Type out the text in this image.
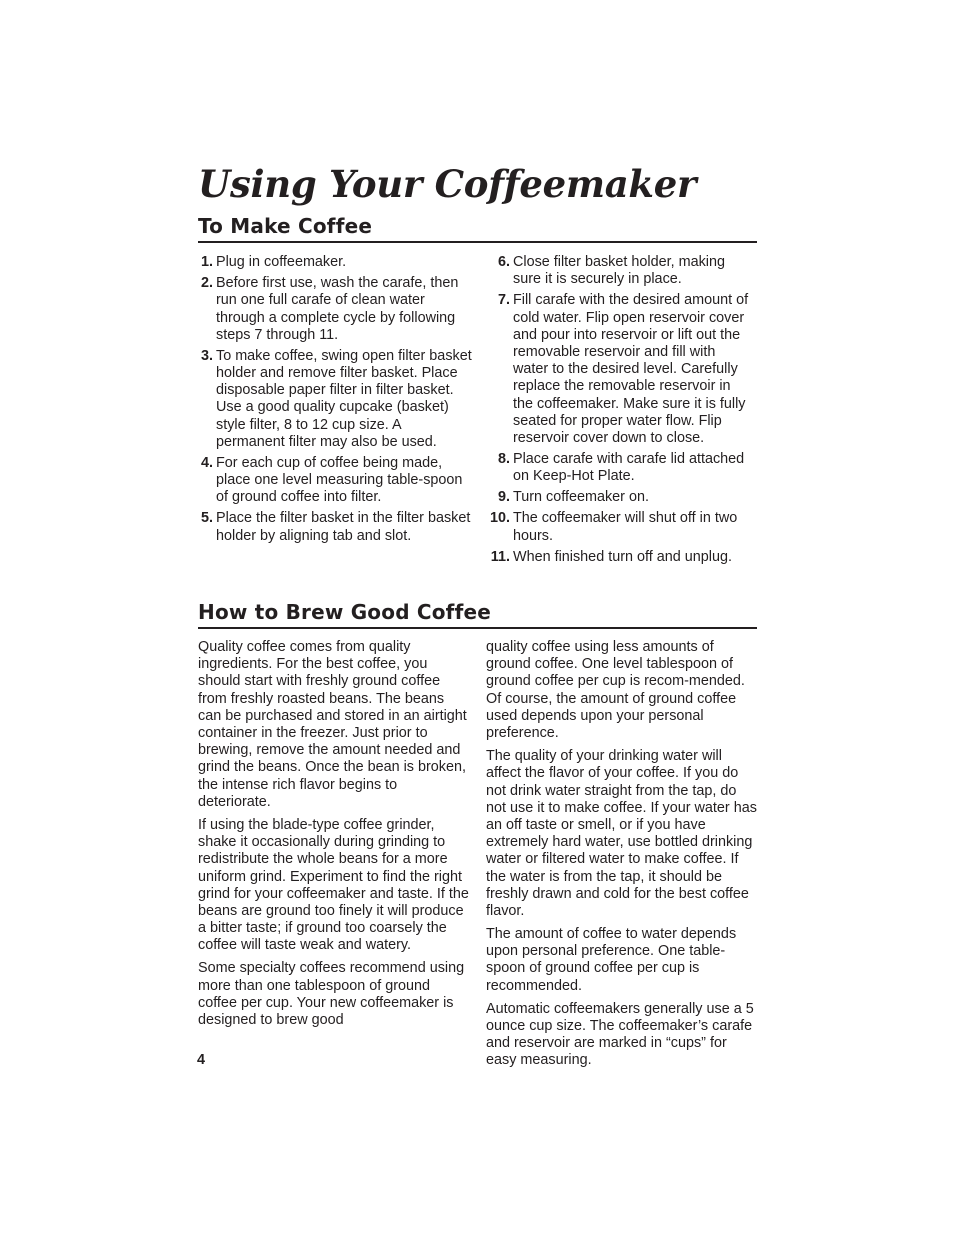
Using Your Coffeemaker
To Make Coffee
1. Plug in coffeemaker.
2. Before first use, wash the carafe, then run one full carafe of clean water through a complete cycle by following steps 7 through 11.
3. To make coffee, swing open filter basket holder and remove filter basket. Place disposable paper filter in filter basket. Use a good quality cupcake (basket) style filter, 8 to 12 cup size. A permanent filter may also be used.
4. For each cup of coffee being made, place one level measuring table-spoon of ground coffee into filter.
5. Place the filter basket in the filter basket holder by aligning tab and slot.
6. Close filter basket holder, making sure it is securely in place.
7. Fill carafe with the desired amount of cold water. Flip open reservoir cover and pour into reservoir or lift out the removable reservoir and fill with water to the desired level. Carefully replace the removable reservoir in the coffeemaker. Make sure it is fully seated for proper water flow. Flip reservoir cover down to close.
8. Place carafe with carafe lid attached on Keep-Hot Plate.
9. Turn coffeemaker on.
10. The coffeemaker will shut off in two hours.
11. When finished turn off and unplug.
How to Brew Good Coffee

Quality coffee comes from quality ingredients. For the best coffee, you should start with freshly ground coffee from freshly roasted beans. The beans can be purchased and stored in an airtight container in the freezer. Just prior to brewing, remove the amount needed and grind the beans. Once the bean is broken, the intense rich flavor begins to deteriorate.

If using the blade-type coffee grinder, shake it occasionally during grinding to redistribute the whole beans for a more uniform grind. Experiment to find the right grind for your coffeemaker and taste. If the beans are ground too finely it will produce a bitter taste; if ground too coarsely the coffee will taste weak and watery.

Some specialty coffees recommend using more than one tablespoon of ground coffee per cup. Your new coffeemaker is designed to brew good

quality coffee using less amounts of ground coffee. One level tablespoon of ground coffee per cup is recom-mended. Of course, the amount of ground coffee used depends upon your personal preference.

The quality of your drinking water will affect the flavor of your coffee. If you do not drink water straight from the tap, do not use it to make coffee. If your water has an off taste or smell, or if you have extremely hard water, use bottled drinking water or filtered water to make coffee. If the water is from the tap, it should be freshly drawn and cold for the best coffee flavor.

The amount of coffee to water depends upon personal preference. One table-spoon of ground coffee per cup is recommended.

Automatic coffeemakers generally use a 5 ounce cup size. The coffeemaker’s carafe and reservoir are marked in “cups” for easy measuring.

4
